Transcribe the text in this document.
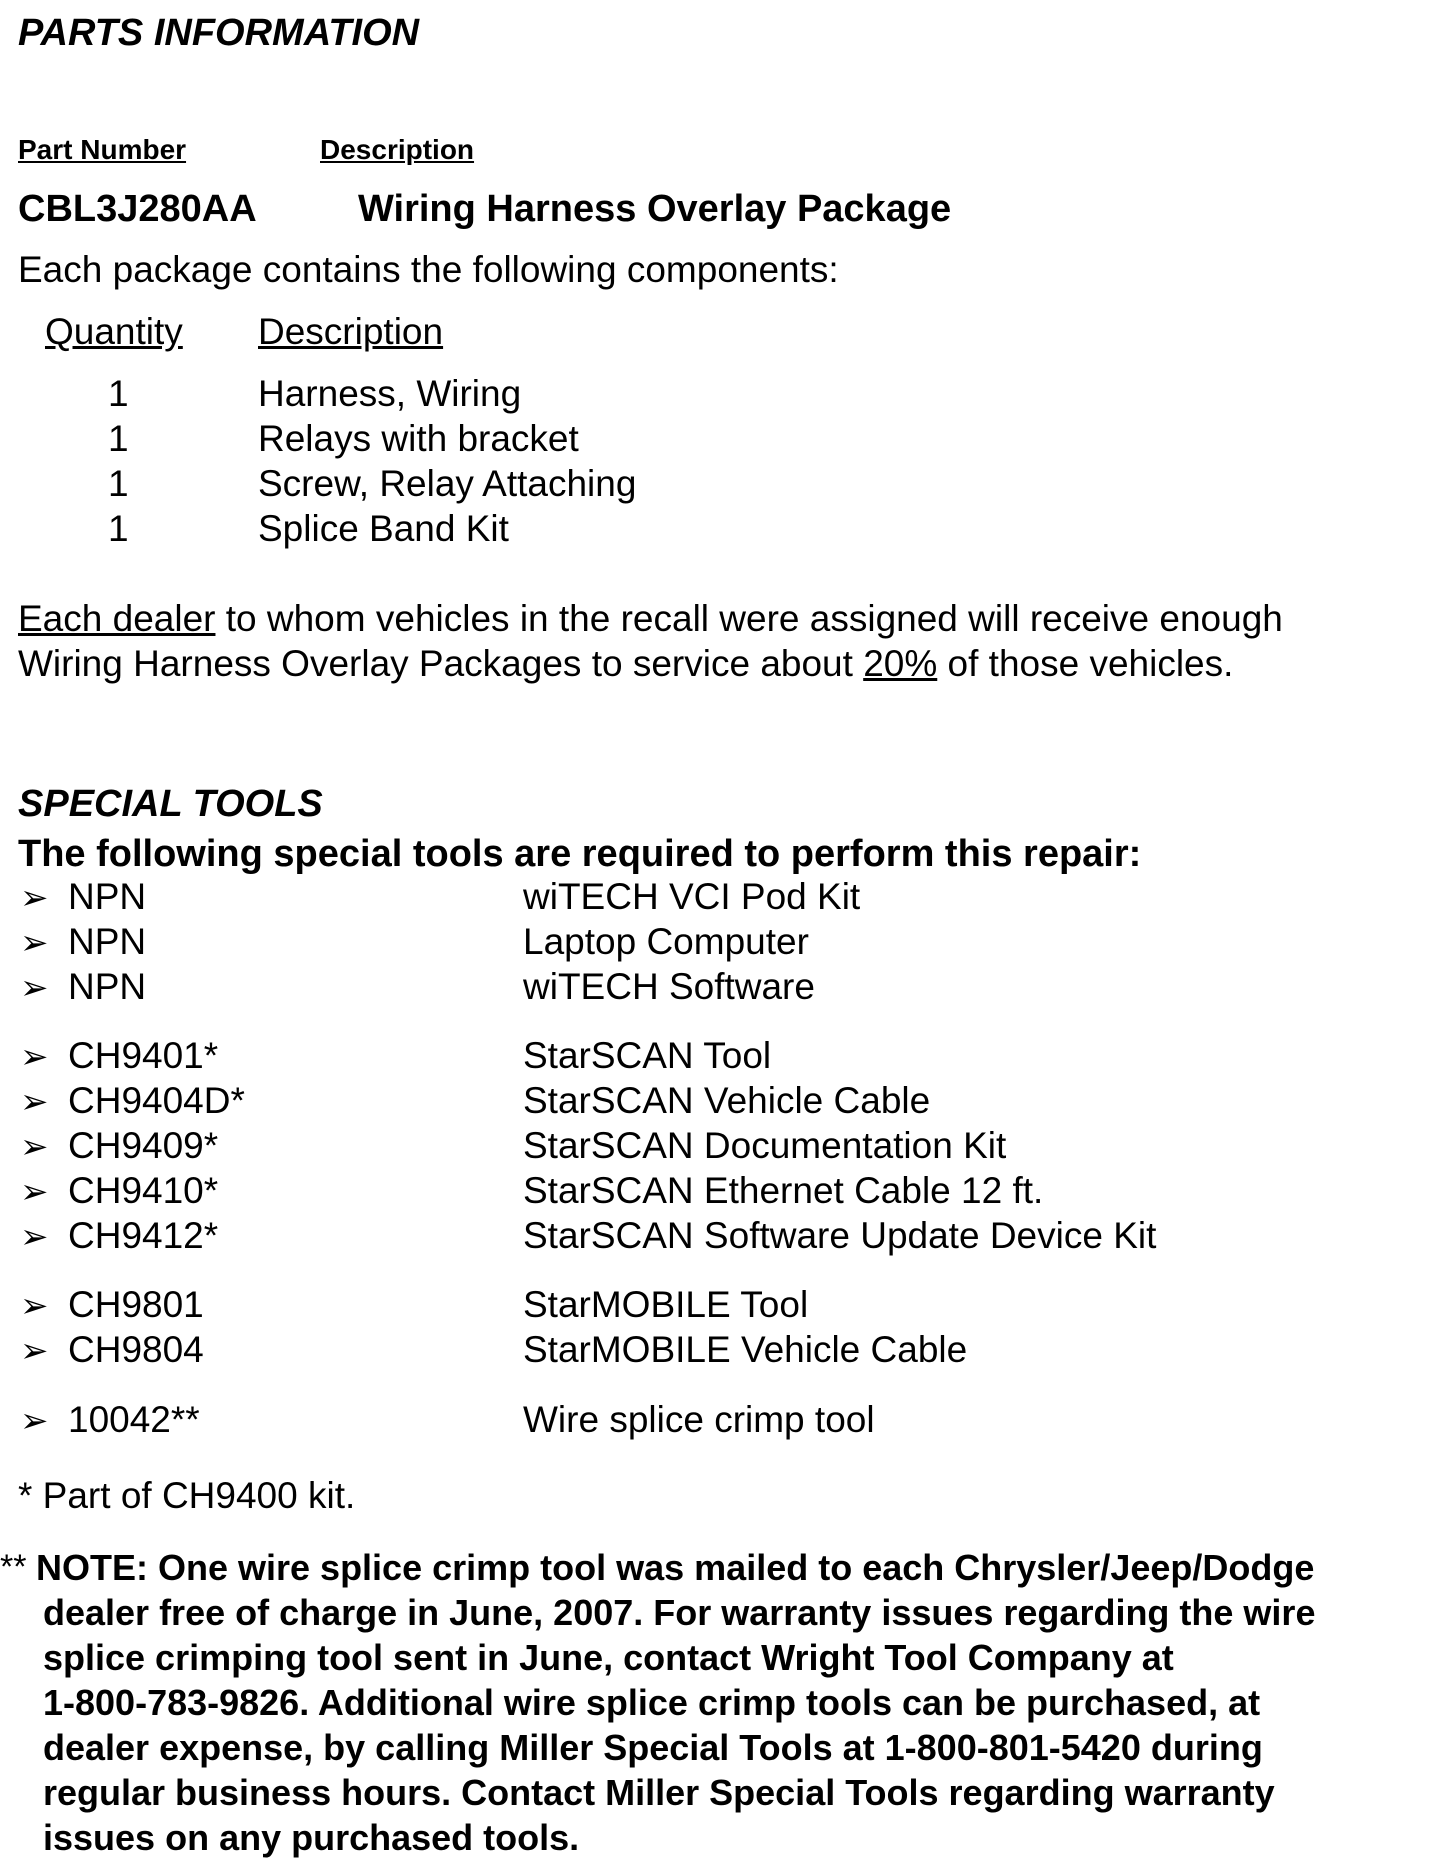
PARTS INFORMATION
Part Number	Description
CBL3J280AA	Wiring Harness Overlay Package
Each package contains the following components:
Quantity Description
1	Harness, Wiring
1	Relays with bracket
1	Screw, Relay Attaching
1	Splice Band Kit
Each dealer to whom vehicles in the recall were assigned will receive enough
Wiring Harness Overlay Packages to service about 20% of those vehicles.
SPECIAL TOOLS
The following special tools are required to perform this repair:
➢ NPN	wiTECH VCI Pod Kit
➢ NPN	Laptop Computer
➢ NPN	wiTECH Software
➢ CH9401*	StarSCAN Tool
➢ CH9404D*	StarSCAN Vehicle Cable
➢ CH9409*	StarSCAN Documentation Kit
➢ CH9410*	StarSCAN Ethernet Cable 12 ft.
➢ CH9412*	StarSCAN Software Update Device Kit
➢ CH9801	StarMOBILE Tool
➢ CH9804	StarMOBILE Vehicle Cable
➢ 10042**	Wire splice crimp tool
* Part of CH9400 kit.
** NOTE: One wire splice crimp tool was mailed to each Chrysler/Jeep/Dodge
dealer free of charge in June, 2007. For warranty issues regarding the wire
splice crimping tool sent in June, contact Wright Tool Company at
1-800-783-9826. Additional wire splice crimp tools can be purchased, at
dealer expense, by calling Miller Special Tools at 1-800-801-5420 during
regular business hours. Contact Miller Special Tools regarding warranty
issues on any purchased tools.
